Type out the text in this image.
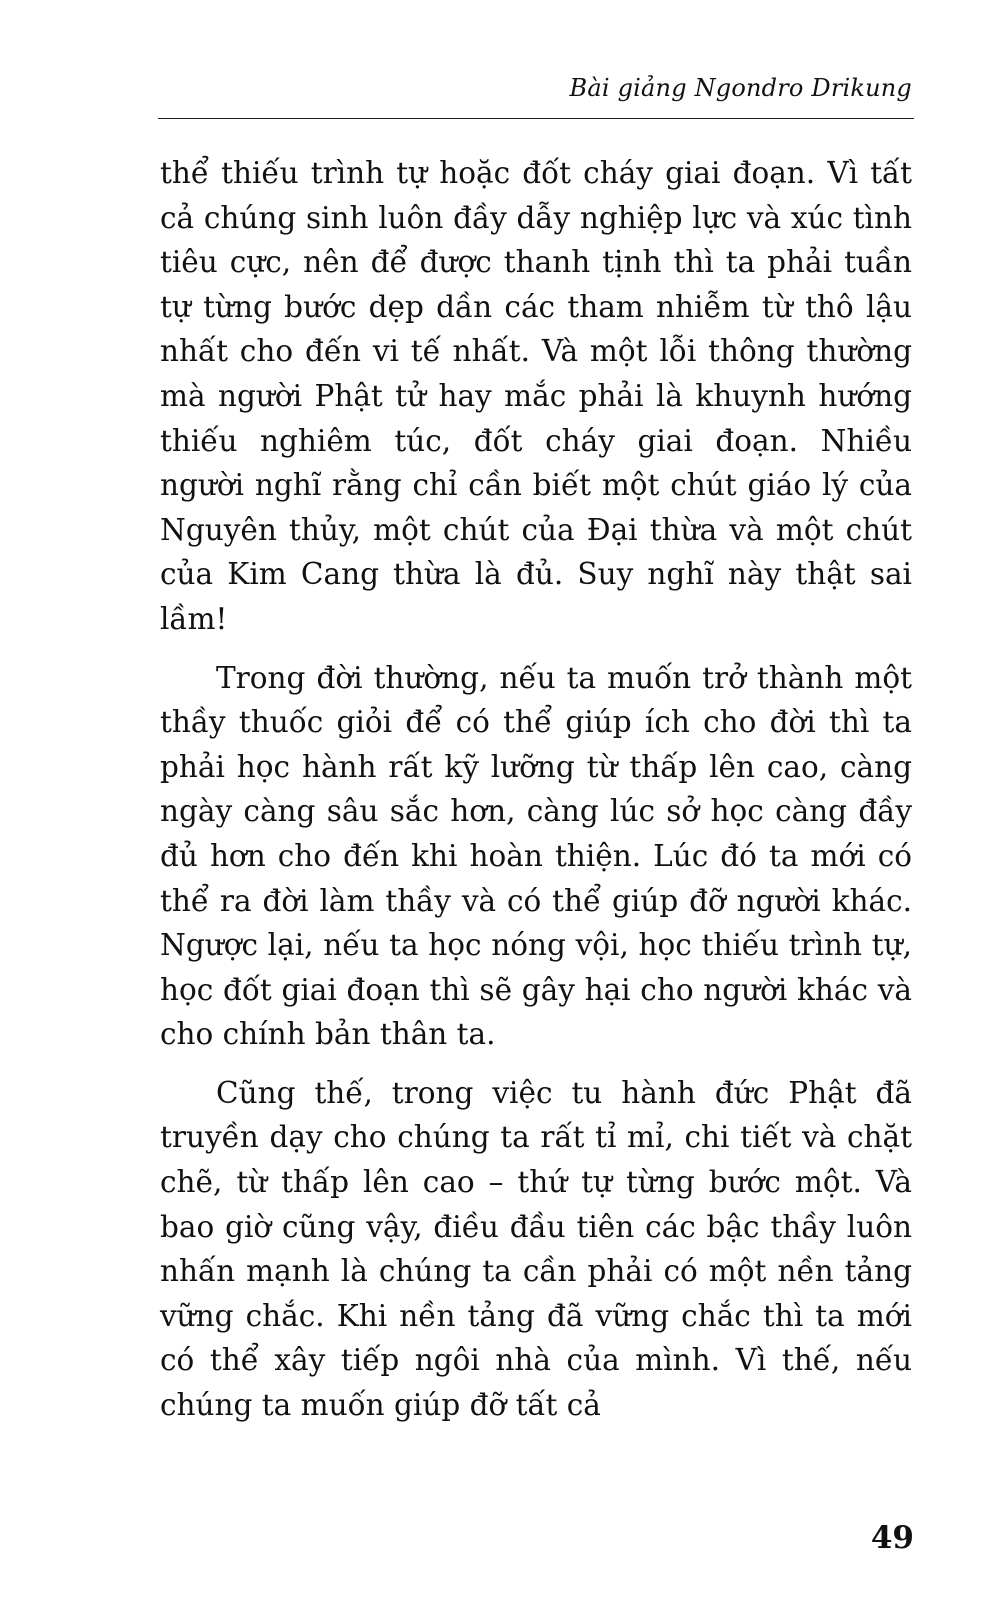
Bài giảng Ngondro Drikung

thể thiếu trình tự hoặc đốt cháy giai đoạn. Vì tất cả chúng sinh luôn đầy dẫy nghiệp lực và xúc tình tiêu cực, nên để được thanh tịnh thì ta phải tuần tự từng bước dẹp dần các tham nhiễm từ thô lậu nhất cho đến vi tế nhất. Và một lỗi thông thường mà người Phật tử hay mắc phải là khuynh hướng thiếu nghiêm túc, đốt cháy giai đoạn. Nhiều người nghĩ rằng chỉ cần biết một chút giáo lý của Nguyên thủy, một chút của Đại thừa và một chút của Kim Cang thừa là đủ. Suy nghĩ này thật sai lầm!

Trong đời thường, nếu ta muốn trở thành một thầy thuốc giỏi để có thể giúp ích cho đời thì ta phải học hành rất kỹ lưỡng từ thấp lên cao, càng ngày càng sâu sắc hơn, càng lúc sở học càng đầy đủ hơn cho đến khi hoàn thiện. Lúc đó ta mới có thể ra đời làm thầy và có thể giúp đỡ người khác. Ngược lại, nếu ta học nóng vội, học thiếu trình tự, học đốt giai đoạn thì sẽ gây hại cho người khác và cho chính bản thân ta.

Cũng thế, trong việc tu hành đức Phật đã truyền dạy cho chúng ta rất tỉ mỉ, chi tiết và chặt chẽ, từ thấp lên cao – thứ tự từng bước một. Và bao giờ cũng vậy, điều đầu tiên các bậc thầy luôn nhấn mạnh là chúng ta cần phải có một nền tảng vững chắc. Khi nền tảng đã vững chắc thì ta mới có thể xây tiếp ngôi nhà của mình. Vì thế, nếu chúng ta muốn giúp đỡ tất cả

49
